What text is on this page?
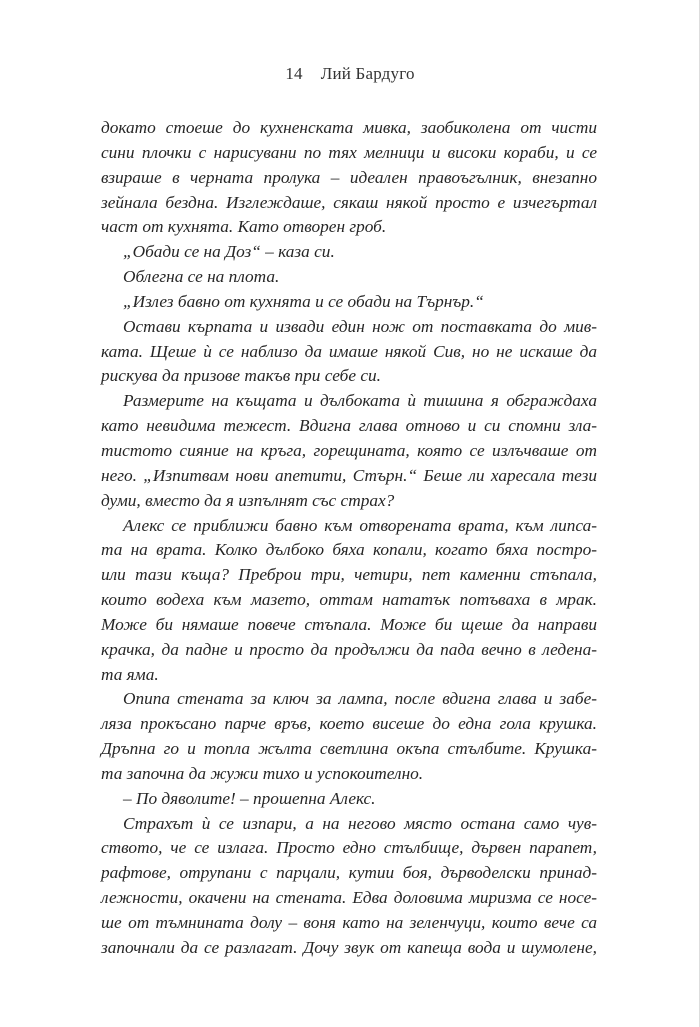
14 Лий Бардуго
докато стоеше до кухненската мивка, заобиколена от чисти
сини плочки с нарисувани по тях мелници и високи кораби, и се
взираше в черната пролука – идеален правоъгълник, внезапно
зейнала бездна. Изглеждаше, сякаш някой просто е изчегъртал
част от кухнята. Като отворен гроб.
„Обади се на Доз“ – каза си.
Облегна се на плота.
„Излез бавно от кухнята и се обади на Търнър.“
Остави кърпата и извади един нож от поставката до мив-
ката. Щеше ѝ се наблизо да имаше някой Сив, но не искаше да
рискува да призове такъв при себе си.
Размерите на къщата и дълбоката ѝ тишина я обграждаха
като невидима тежест. Вдигна глава отново и си спомни зла-
тистото сияние на кръга, горещината, която се излъчваше от
него. „Изпитвам нови апетити, Стърн.“ Беше ли харесала тези
думи, вместо да я изпълнят със страх?
Алекс се приближи бавно към отворената врата, към липса-
та на врата. Колко дълбоко бяха копали, когато бяха постро-
или тази къща? Преброи три, четири, пет каменни стъпала,
които водеха към мазето, оттам нататък потъваха в мрак.
Може би нямаше повече стъпала. Може би щеше да направи
крачка, да падне и просто да продължи да пада вечно в ледена-
та яма.
Опипа стената за ключ за лампа, после вдигна глава и забе-
ляза прокъсано парче връв, което висеше до една гола крушка.
Дръпна го и топла жълта светлина окъпа стълбите. Крушка-
та започна да жужи тихо и успокоително.
– По дяволите! – прошепна Алекс.
Страхът ѝ се изпари, а на негово място остана само чув-
ството, че се излага. Просто едно стълбище, дървен парапет,
рафтове, отрупани с парцали, кутии боя, дърводелски принад-
лежности, окачени на стената. Едва доловима миризма се носе-
ше от тъмнината долу – воня като на зеленчуци, които вече са
започнали да се разлагат. Дочу звук от капеща вода и шумолене,
